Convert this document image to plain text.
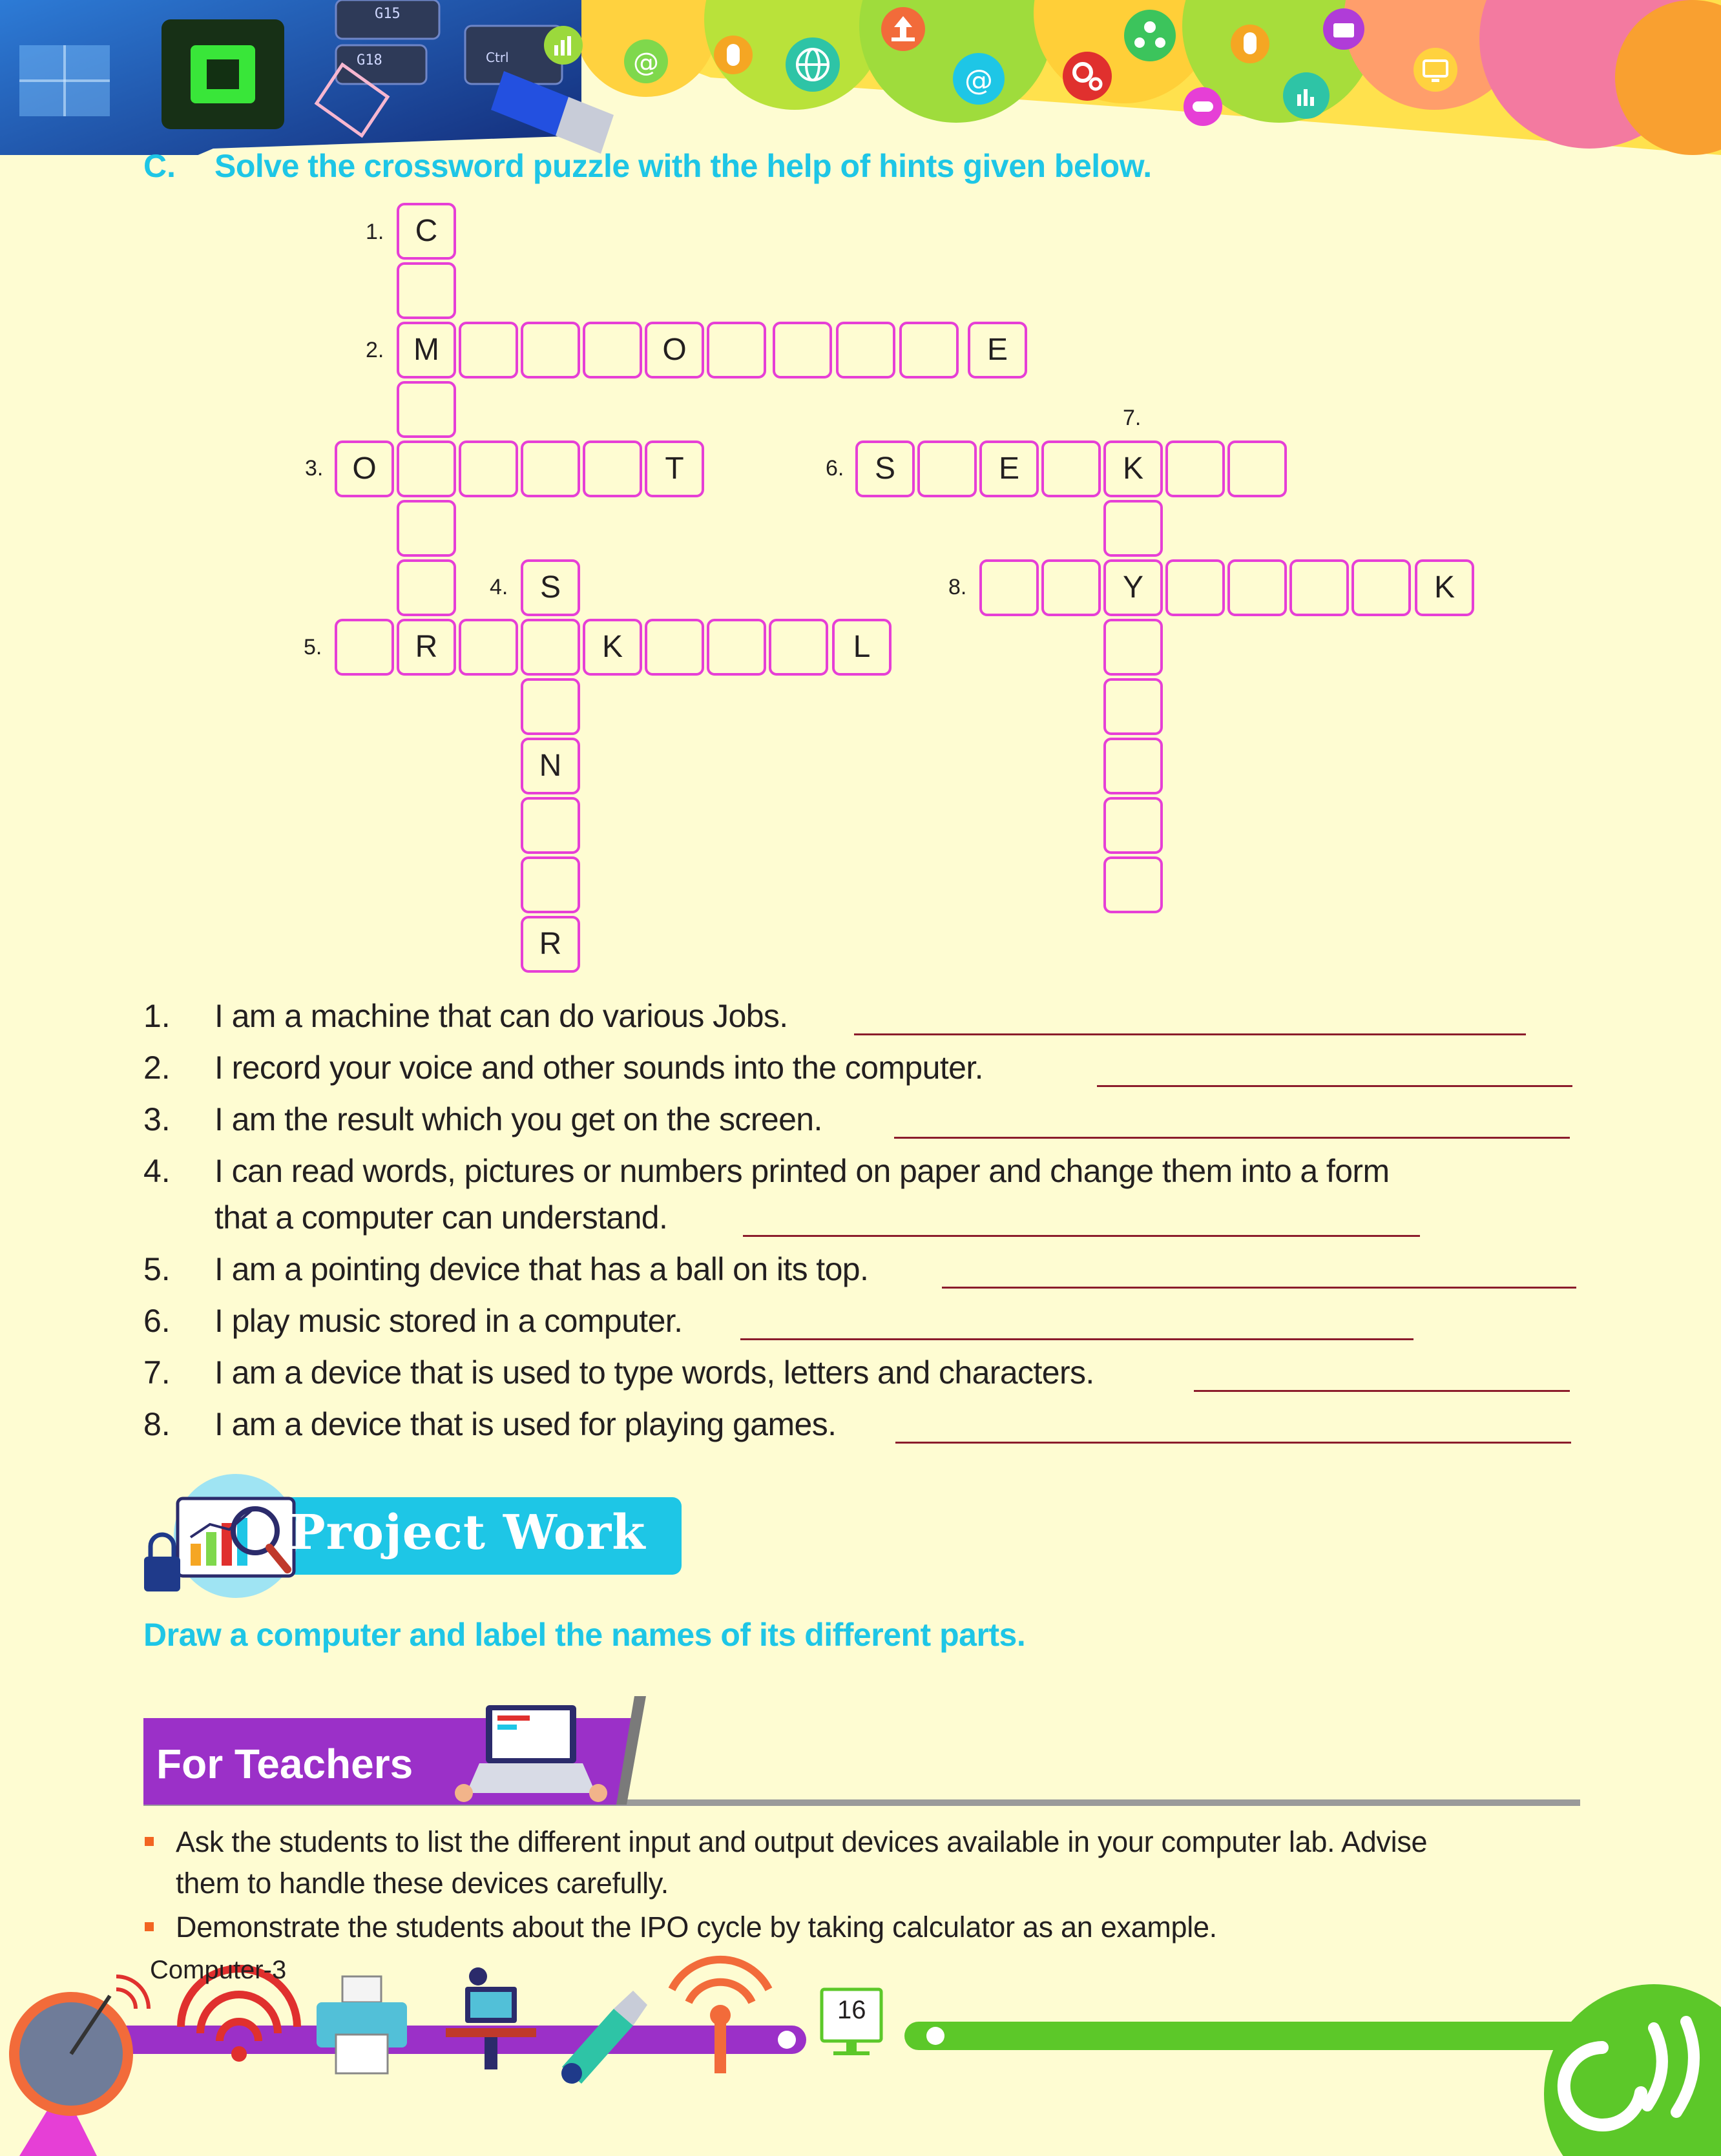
G15
G18	Ctrl	@
@
C. Solve the crossword puzzle with the help of hints given below.
1.
2.
3.
4.
5.
6.
7.
8.
C
M	O	E
O	T
S
N
R
R	K	L
S	E	K
Y	K
1. I am a machine that can do various Jobs.
2. I record your voice and other sounds into the computer.
3. I am the result which you get on the screen.
4. I can read words, pictures or numbers printed on paper and change them into a form
that a computer can understand.
5. I am a pointing device that has a ball on its top.
6. I play music stored in a computer.
7. I am a device that is used to type words, letters and characters.
8. I am a device that is used for playing games.
Project Work
Draw a computer and label the names of its different parts.
For Teachers
Ask the students to list the different input and output devices available in your computer lab. Advise
them to handle these devices carefully.
Demonstrate the students about the IPO cycle by taking calculator as an example.
Computer-3
16
